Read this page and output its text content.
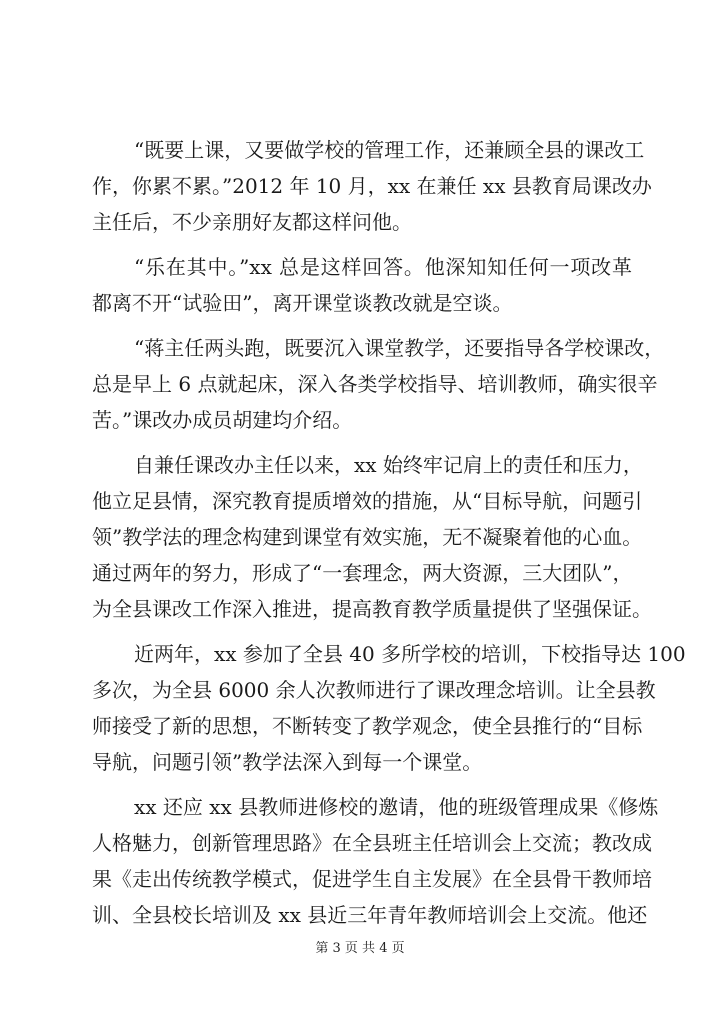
“既要上课，又要做学校的管理工作，还兼顾全县的课改工
作，你累不累。”2012 年 10 月，xx 在兼任 xx 县教育局课改办
主任后，不少亲朋好友都这样问他。
“乐在其中。”xx 总是这样回答。他深知知任何一项改革
都离不开“试验田”，离开课堂谈教改就是空谈。
“蒋主任两头跑，既要沉入课堂教学，还要指导各学校课改，
总是早上 6 点就起床，深入各类学校指导、培训教师，确实很辛
苦。”课改办成员胡建均介绍。
自兼任课改办主任以来，xx 始终牢记肩上的责任和压力，
他立足县情，深究教育提质增效的措施，从“目标导航，问题引
领”教学法的理念构建到课堂有效实施，无不凝聚着他的心血。
通过两年的努力，形成了“一套理念，两大资源，三大团队”，
为全县课改工作深入推进，提高教育教学质量提供了坚强保证。
近两年，xx 参加了全县 40 多所学校的培训，下校指导达 100
多次，为全县 6000 余人次教师进行了课改理念培训。让全县教
师接受了新的思想，不断转变了教学观念，使全县推行的“目标
导航，问题引领”教学法深入到每一个课堂。
xx 还应 xx 县教师进修校的邀请，他的班级管理成果《修炼
人格魅力，创新管理思路》在全县班主任培训会上交流；教改成
果《走出传统教学模式，促进学生自主发展》在全县骨干教师培
训、全县校长培训及 xx 县近三年青年教师培训会上交流。他还
第 3 页 共 4 页
